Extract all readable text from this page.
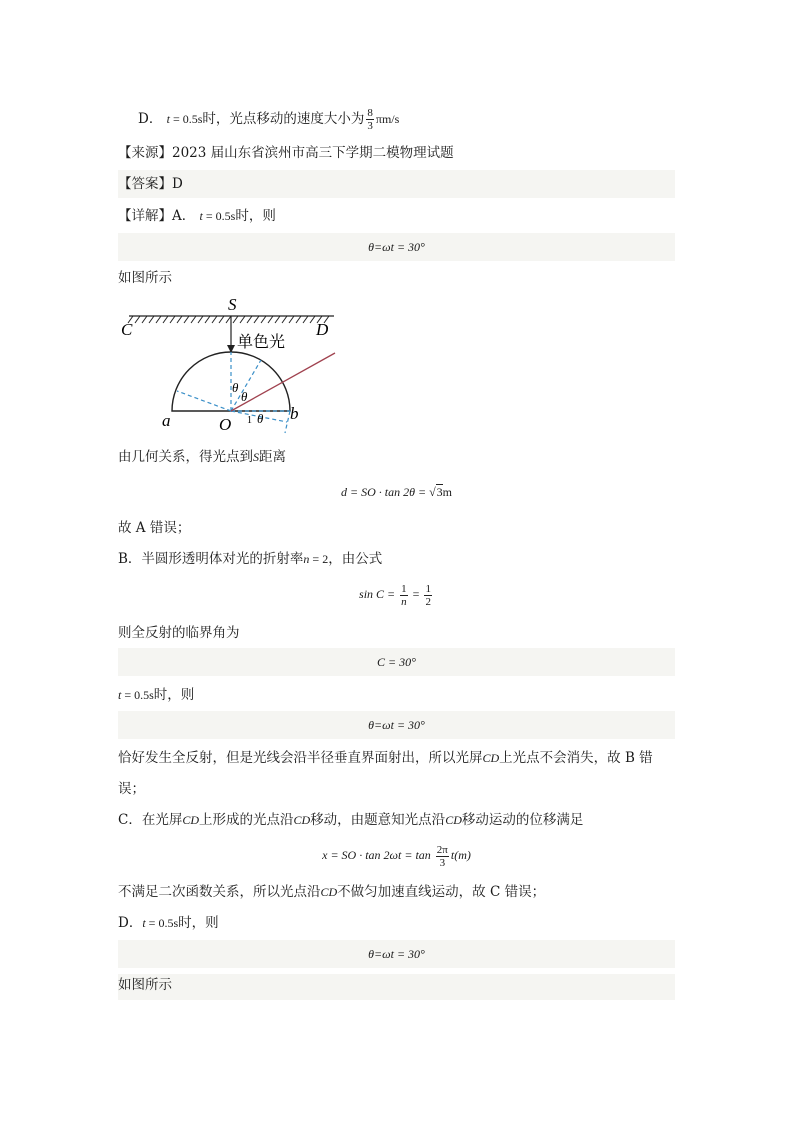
D． t = 0.5s时，光点移动的速度大小为 $\frac{8}{3} \pi m/s$
【来源】2023 届山东省滨州市高三下学期二模物理试题
【答案】D
【详解】A． t = 0.5s时，则
θ=ωt = 30°
如图所示
S
C	D
单色光
θ
θ
1 θ
a	O
b
由几何关系，得光点到S距离
d = SO · tan 2θ = √3m
故 A 错误；
B．半圆形透明体对光的折射率n = 2，由公式
$\sin C = \frac{1}{n} = \frac{1}{2}$
则全反射的临界角为
C = 30°
t = 0.5s时，则
θ=ωt = 30°
恰好发生全反射，但是光线会沿半径垂直界面射出，所以光屏CD上光点不会消失，故 B 错
误；
C．在光屏CD上形成的光点沿CD移动，由题意知光点沿CD移动运动的位移满足
x = SO · $\tan 2\omega t = \tan \frac{2\pi}{3} t(m)$
不满足二次函数关系，所以光点沿CD不做匀加速直线运动，故 C 错误；
D．t = 0.5s时，则
θ=ωt = 30°
如图所示
